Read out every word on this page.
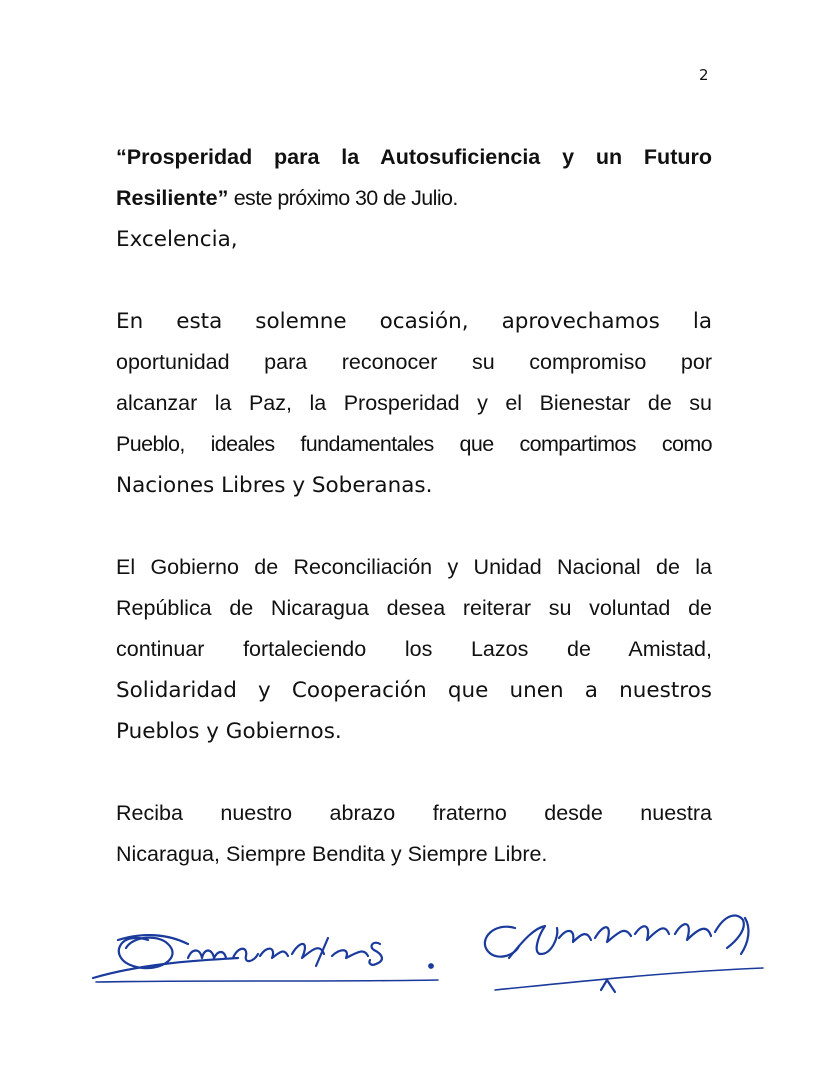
2
“Prosperidad para la Autosuficiencia y un Futuro
Resiliente” este próximo 30 de Julio.
Excelencia,
En esta solemne ocasión, aprovechamos la
oportunidad para reconocer su compromiso por
alcanzar la Paz, la Prosperidad y el Bienestar de su
Pueblo, ideales fundamentales que compartimos como
Naciones Libres y Soberanas.
El Gobierno de Reconciliación y Unidad Nacional de la
República de Nicaragua desea reiterar su voluntad de
continuar fortaleciendo los Lazos de Amistad,
Solidaridad y Cooperación que unen a nuestros
Pueblos y Gobiernos.
Reciba nuestro abrazo fraterno desde nuestra
Nicaragua, Siempre Bendita y Siempre Libre.
